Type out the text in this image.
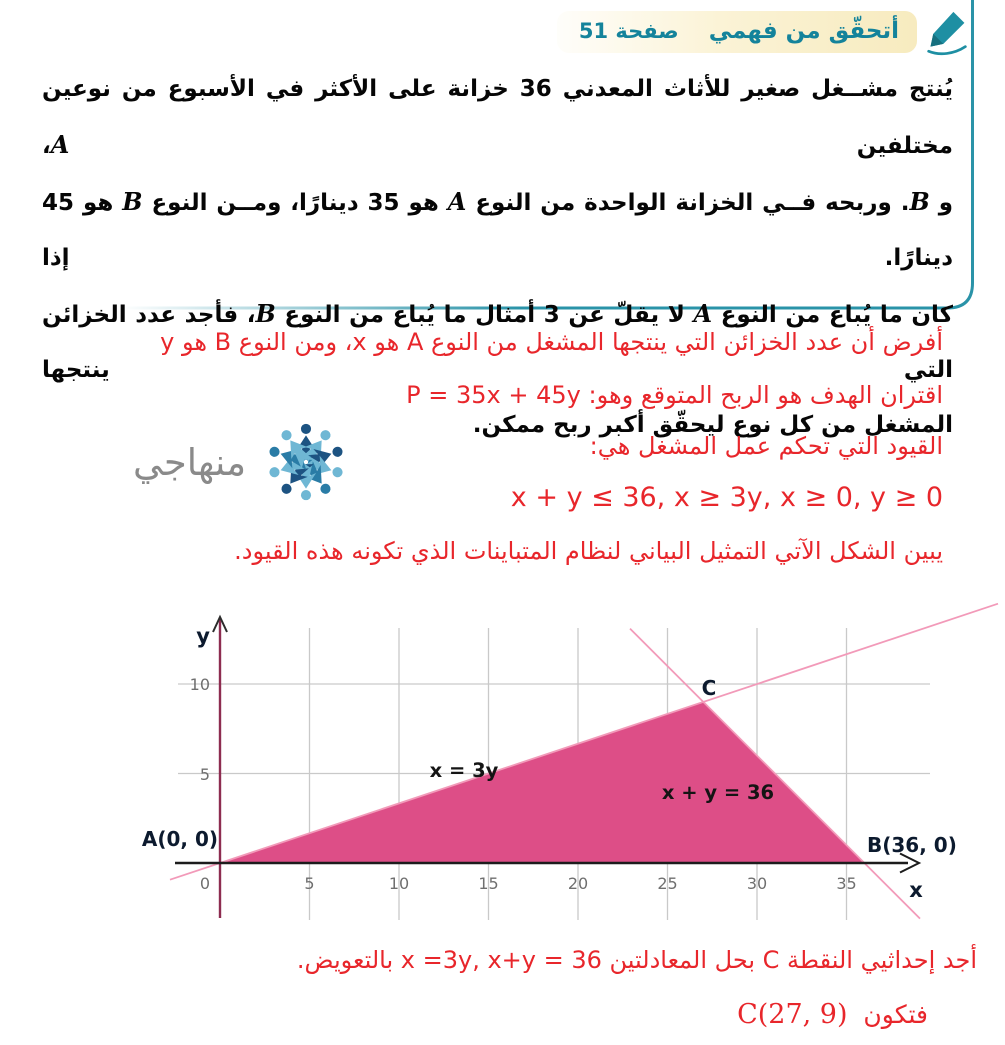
صفحة 51 أتحقّق من فهمي
يُنتج مشــغل صغير للأثاث المعدني 36 خزانة على الأكثر في الأسبوع من نوعين مختلفين A،
و B. وربحه فــي الخزانة الواحدة من النوع A هو 35 دينارًا، ومــن النوع B هو 45 دينارًا. إذا
كان ما يُباع من النوع A لا يقلّ عن 3 أمثال ما يُباع من النوع B، فأجد عدد الخزائن التي ينتجها
المشغل من كل نوع ليحقّق أكبر ربح ممكن.
أفرض أن عدد الخزائن التي ينتجها المشغل من النوع A هو x، ومن النوع B هو y
اقتران الهدف هو الربح المتوقع وهو: P = 35x + 45y
القيود التي تحكم عمل المشغل هي:
x + y ≤ 36, x ≥ 3y, x ≥ 0, y ≥ 0
يبين الشكل الآتي التمثيل البياني لنظام المتباينات الذي تكونه هذه القيود.
منهاجي
y
x
10
5
0	5	10	15	20	25	30	35
A(0, 0)	B(36, 0)
C
x = 3y
x + y = 36
أجد إحداثيي النقطة C بحل المعادلتين x =3y, x+y = 36 بالتعويض.
فتكون  C(27, 9)
